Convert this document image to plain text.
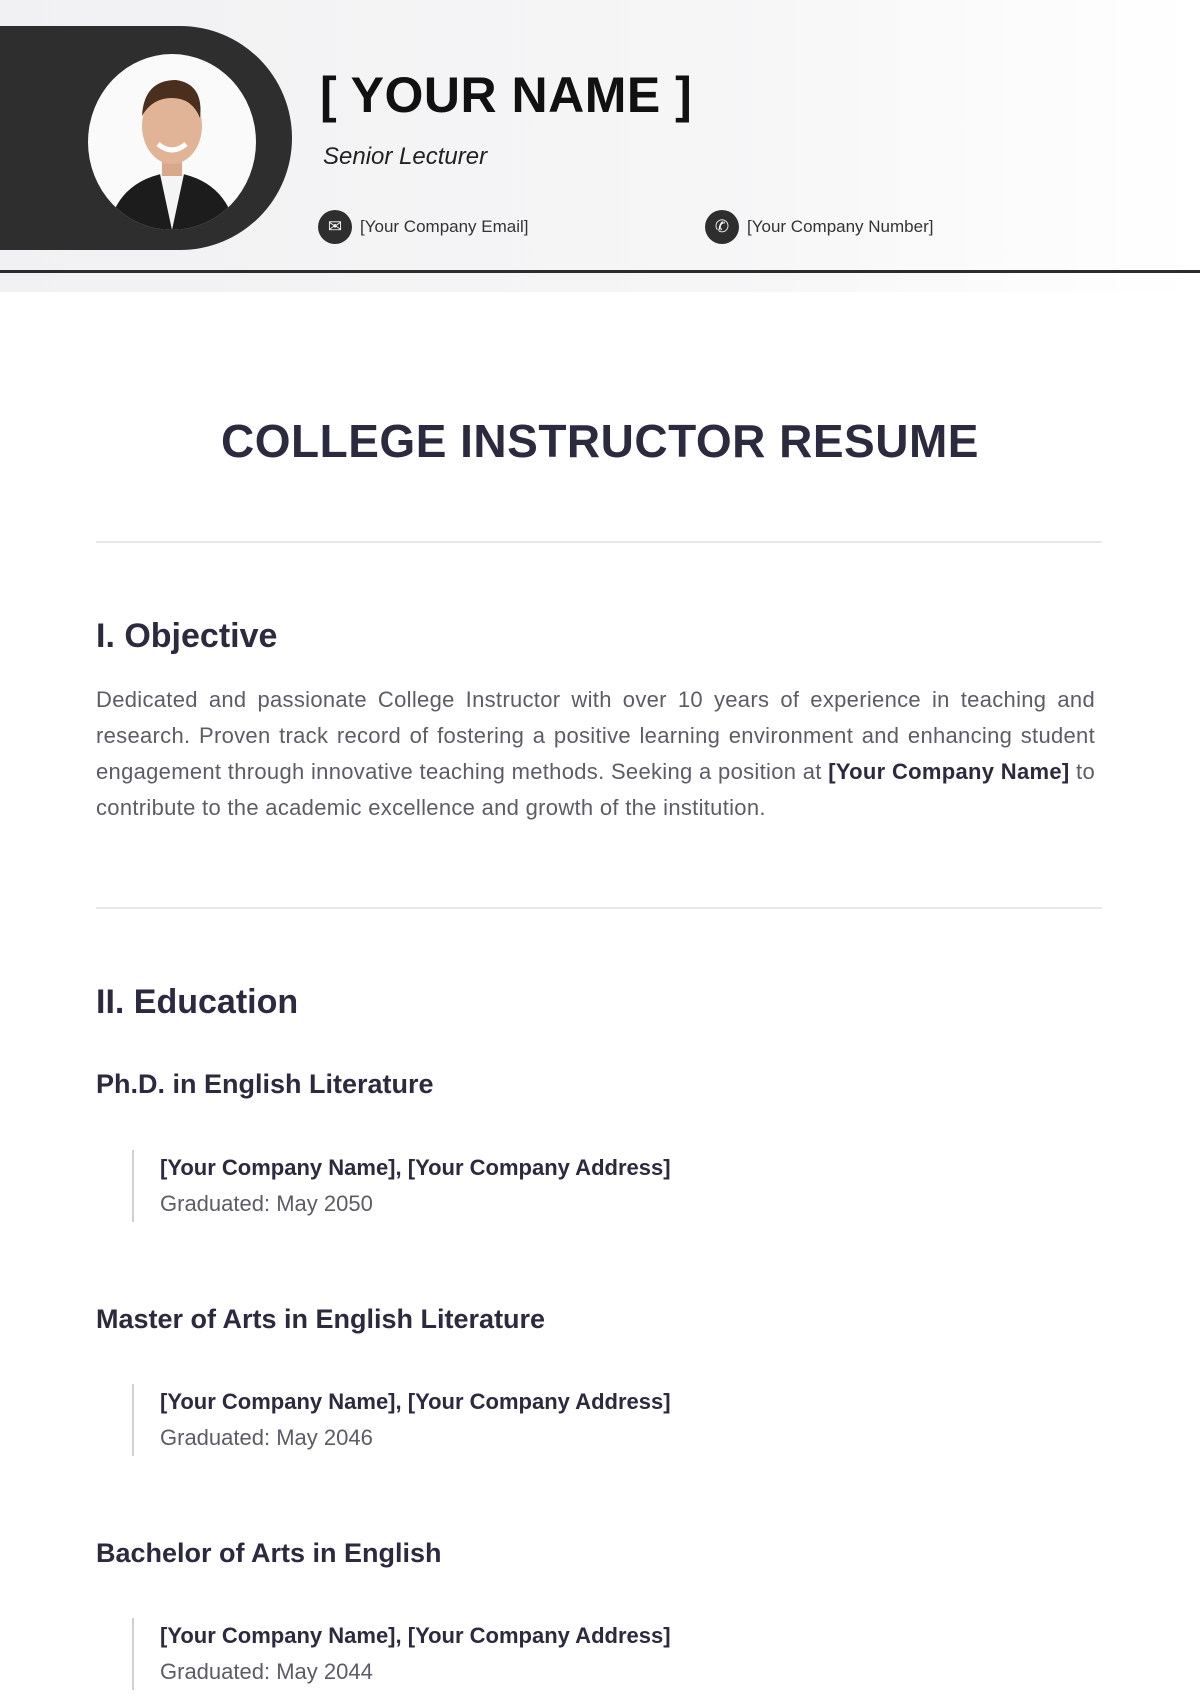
[ YOUR NAME ]
Senior Lecturer
✉	[Your Company Email]	✆	[Your Company Number]
COLLEGE INSTRUCTOR RESUME
I. Objective
Dedicated and passionate College Instructor with over 10 years of experience in teaching and research. Proven track record of fostering a positive learning environment and enhancing student engagement through innovative teaching methods. Seeking a position at [Your Company Name] to contribute to the academic excellence and growth of the institution.
II. Education
Ph.D. in English Literature
[Your Company Name], [Your Company Address]
Graduated: May 2050
Master of Arts in English Literature
[Your Company Name], [Your Company Address]
Graduated: May 2046
Bachelor of Arts in English
[Your Company Name], [Your Company Address]
Graduated: May 2044
